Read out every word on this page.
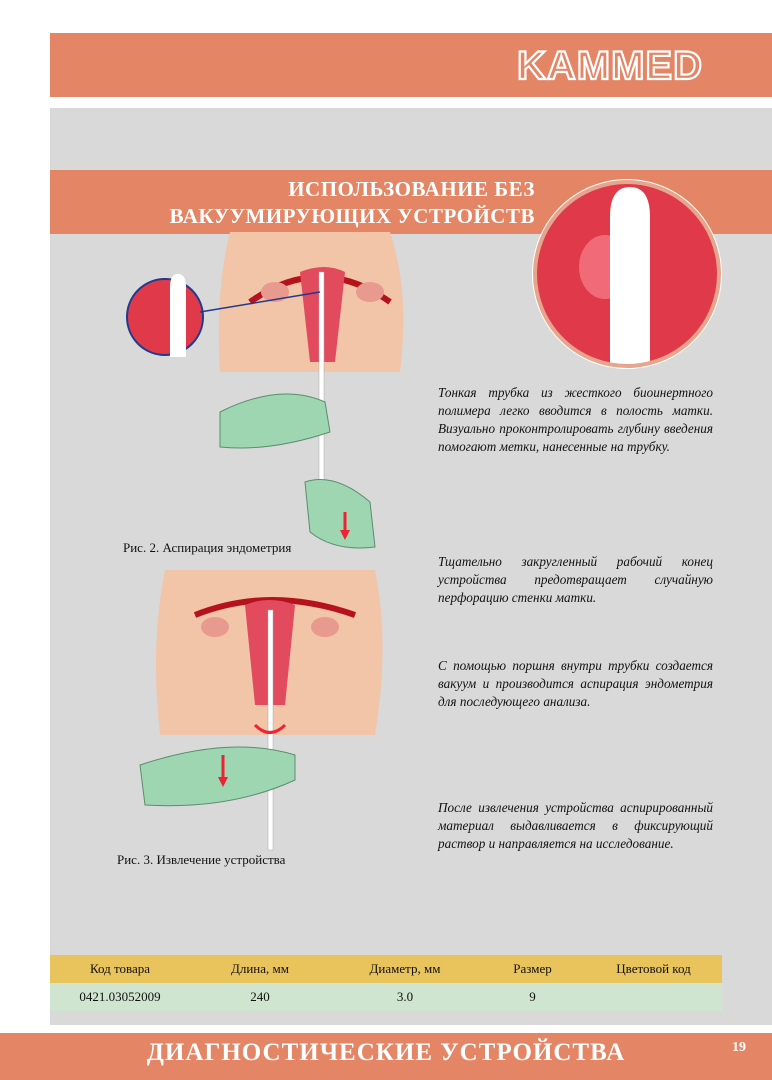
KAMMED
ИСПОЛЬЗОВАНИЕ БЕЗ
ВАКУУМИРУЮЩИХ УСТРОЙСТВ
Рис. 2. Аспирация эндометрия
Рис. 3. Извлечение устройства
Тонкая трубка из жесткого биоинертного полимера легко вводится в полость матки. Визуально проконтролировать глубину введения помогают метки, нанесенные на трубку.
Тщательно закругленный рабочий конец устройства предотвращает случайную перфорацию стенки матки.
С помощью поршня внутри трубки создается вакуум и производится аспирация эндометрия для последующего анализа.
После извлечения устройства аспирированный материал выдавливается в фиксирующий раствор и направляется на исследование.
Код товара	Длина, мм	Диаметр, мм	Размер	Цветовой код
0421.03052009	240	3.0	9
ДИАГНОСТИЧЕСКИЕ УСТРОЙСТВА	19
